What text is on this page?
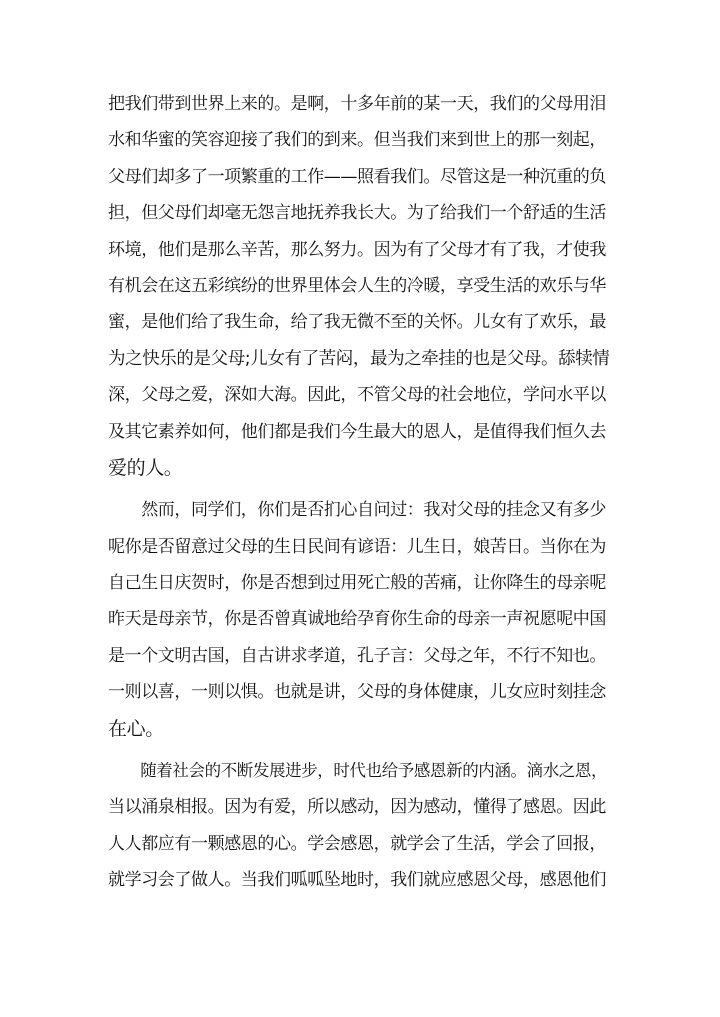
把我们带到世界上来的。是啊，十多年前的某一天，我们的父母用泪
水和华蜜的笑容迎接了我们的到来。但当我们来到世上的那一刻起，
父母们却多了一项繁重的工作——照看我们。尽管这是一种沉重的负
担，但父母们却毫无怨言地抚养我长大。为了给我们一个舒适的生活
环境，他们是那么辛苦，那么努力。因为有了父母才有了我，才使我
有机会在这五彩缤纷的世界里体会人生的冷暖，享受生活的欢乐与华
蜜，是他们给了我生命，给了我无微不至的关怀。儿女有了欢乐，最
为之快乐的是父母;儿女有了苦闷，最为之牵挂的也是父母。舔犊情
深，父母之爱，深如大海。因此，不管父母的社会地位，学问水平以
及其它素养如何，他们都是我们今生最大的恩人，是值得我们恒久去
爱的人。
　　然而，同学们，你们是否扪心自问过：我对父母的挂念又有多少
呢你是否留意过父母的生日民间有谚语：儿生日，娘苦日。当你在为
自己生日庆贺时，你是否想到过用死亡般的苦痛，让你降生的母亲呢
昨天是母亲节，你是否曾真诚地给孕育你生命的母亲一声祝愿呢中国
是一个文明古国，自古讲求孝道，孔子言：父母之年，不行不知也。
一则以喜，一则以惧。也就是讲，父母的身体健康，儿女应时刻挂念
在心。
　　随着社会的不断发展进步，时代也给予感恩新的内涵。滴水之恩，
当以涌泉相报。因为有爱，所以感动，因为感动，懂得了感恩。因此
人人都应有一颗感恩的心。学会感恩，就学会了生活，学会了回报，
就学习会了做人。当我们呱呱坠地时，我们就应感恩父母，感恩他们
